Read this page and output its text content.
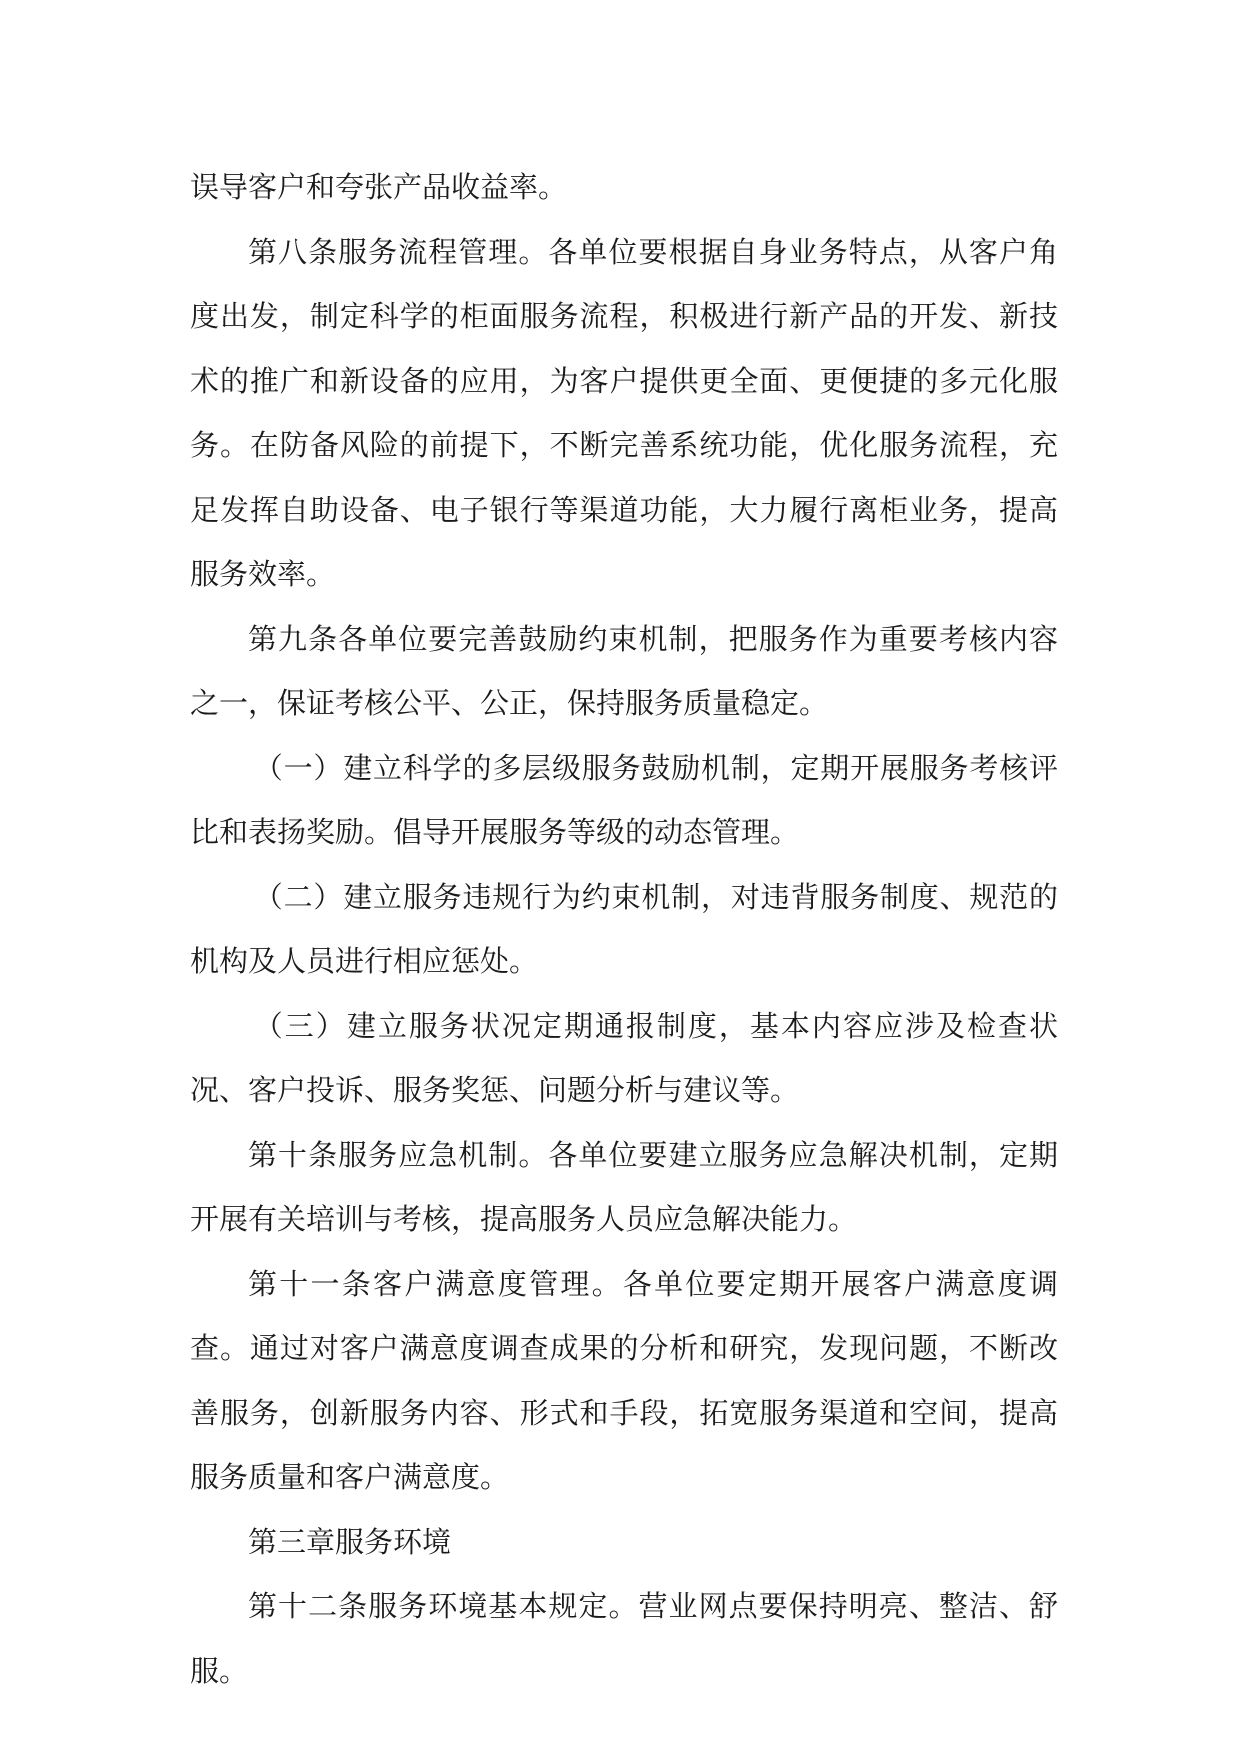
误导客户和夸张产品收益率。

第八条服务流程管理。各单位要根据自身业务特点，从客户角度出发，制定科学的柜面服务流程，积极进行新产品的开发、新技术的推广和新设备的应用，为客户提供更全面、更便捷的多元化服务。在防备风险的前提下，不断完善系统功能，优化服务流程，充足发挥自助设备、电子银行等渠道功能，大力履行离柜业务，提高服务效率。

第九条各单位要完善鼓励约束机制，把服务作为重要考核内容之一，保证考核公平、公正，保持服务质量稳定。

（一）建立科学的多层级服务鼓励机制，定期开展服务考核评比和表扬奖励。倡导开展服务等级的动态管理。

（二）建立服务违规行为约束机制，对违背服务制度、规范的机构及人员进行相应惩处。

（三）建立服务状况定期通报制度，基本内容应涉及检查状况、客户投诉、服务奖惩、问题分析与建议等。

第十条服务应急机制。各单位要建立服务应急解决机制，定期开展有关培训与考核，提高服务人员应急解决能力。

第十一条客户满意度管理。各单位要定期开展客户满意度调查。通过对客户满意度调查成果的分析和研究，发现问题，不断改善服务，创新服务内容、形式和手段，拓宽服务渠道和空间，提高服务质量和客户满意度。

第三章服务环境

第十二条服务环境基本规定。营业网点要保持明亮、整洁、舒服。
